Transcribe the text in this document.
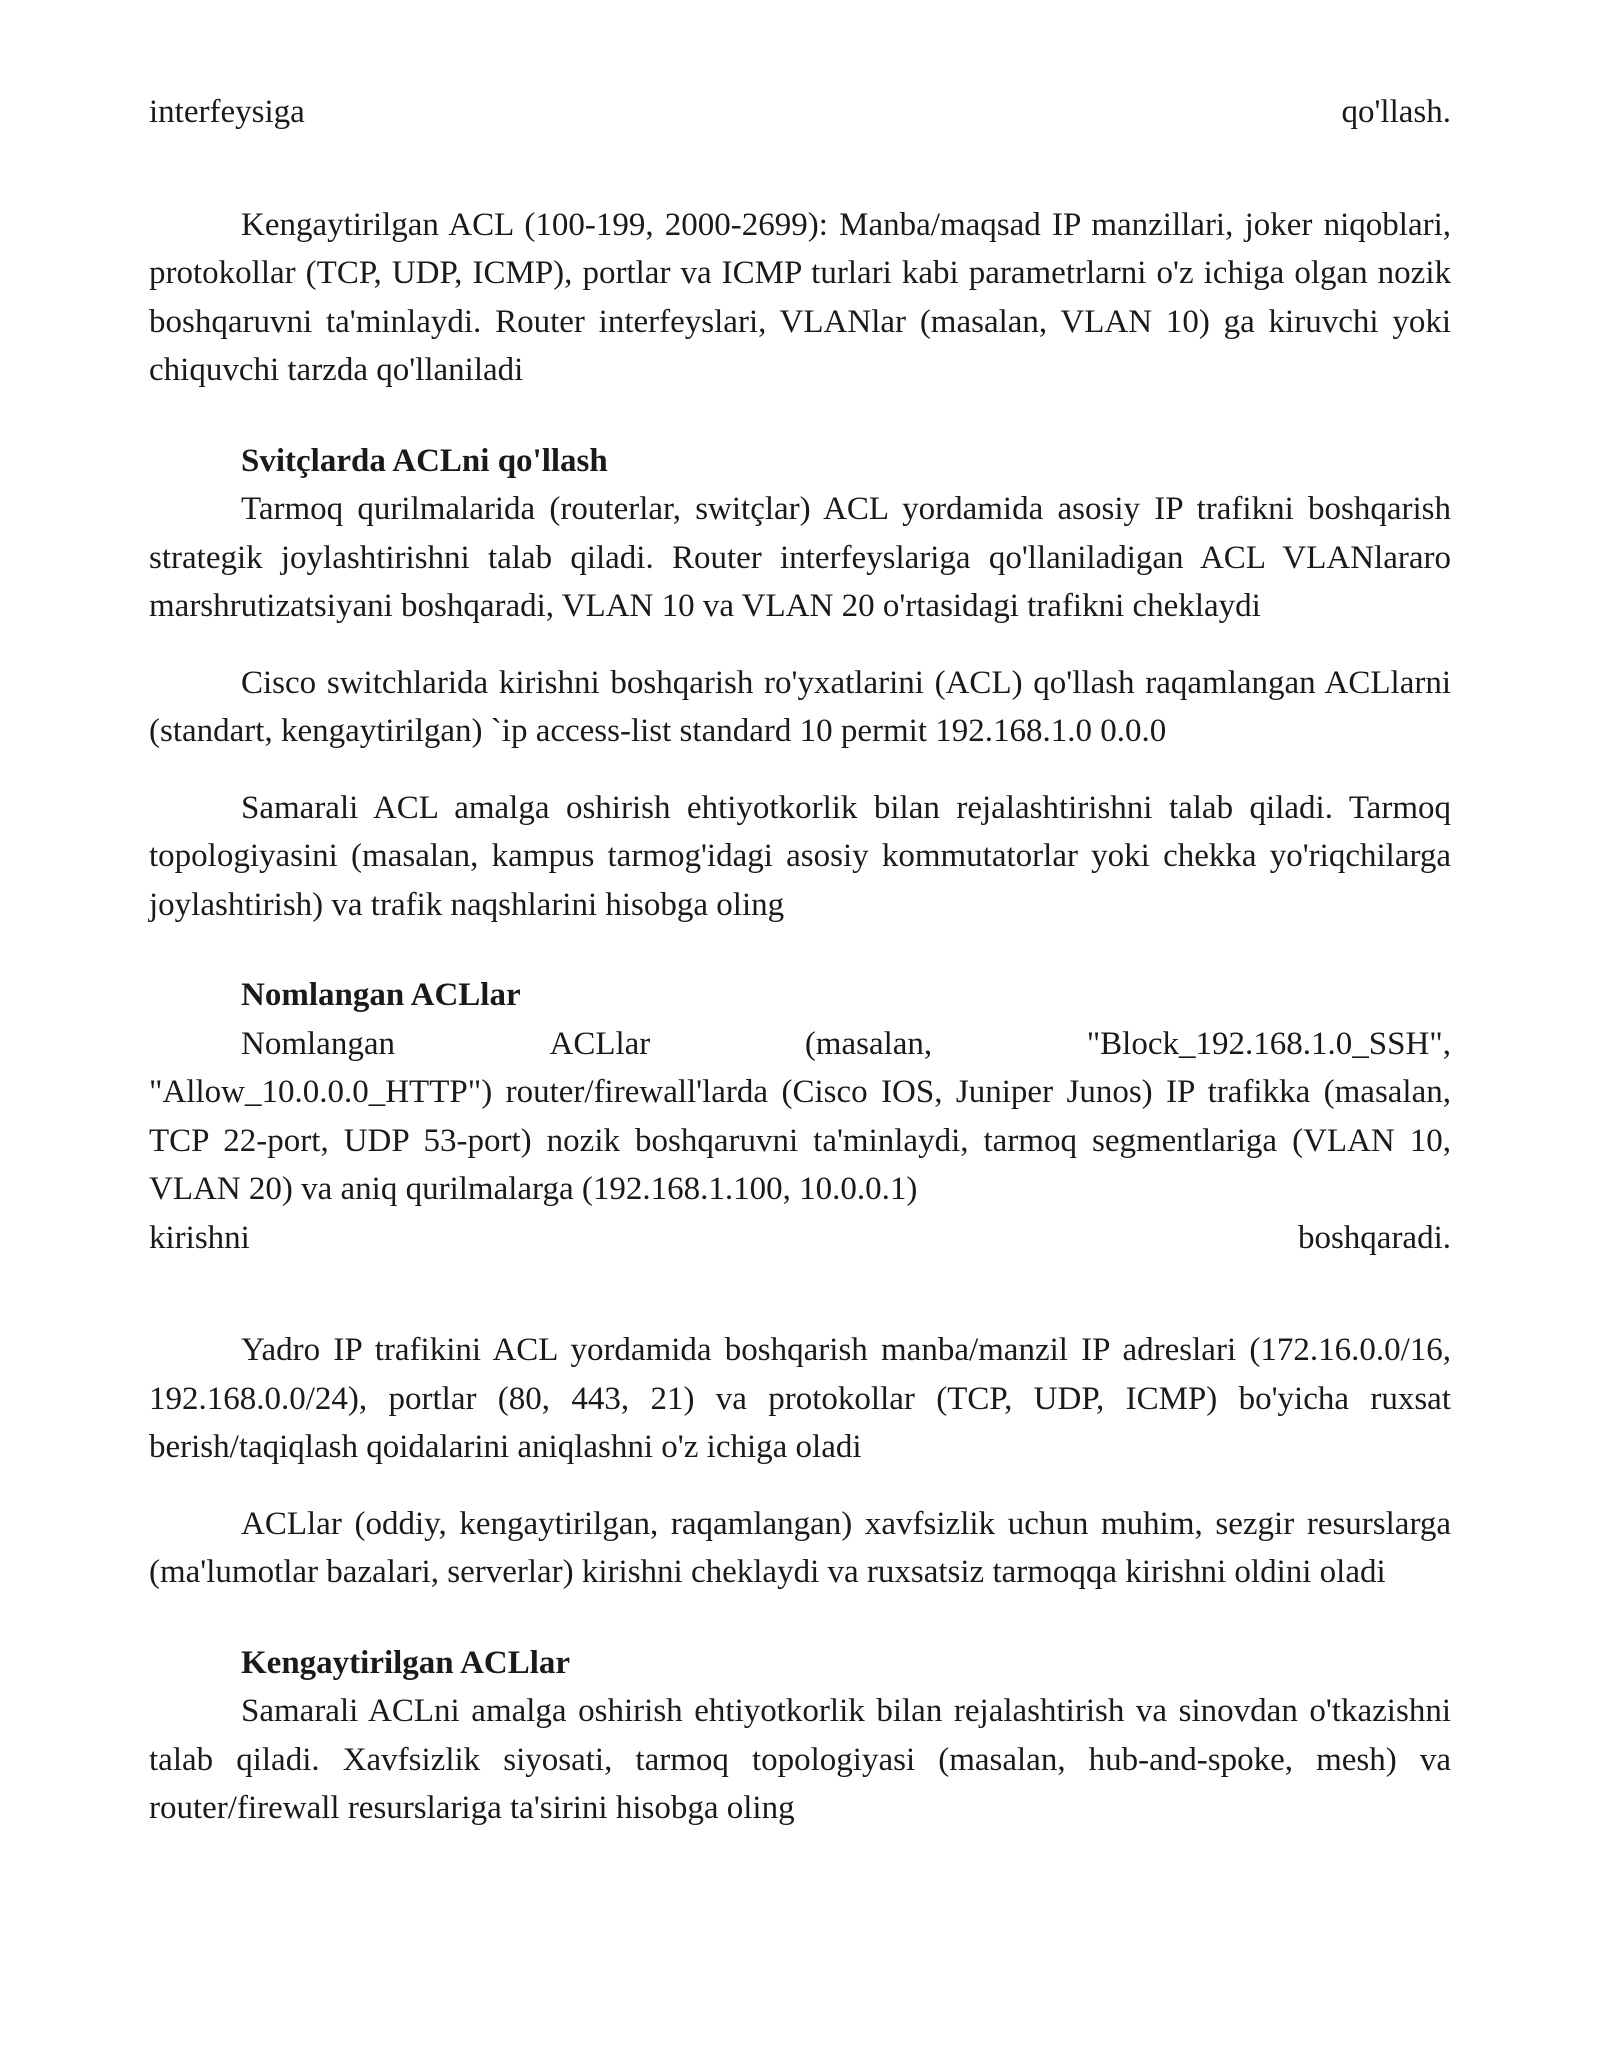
interfeysiga	qo'llash.

Kengaytirilgan ACL (100-199, 2000-2699): Manba/maqsad IP manzillari, joker niqoblari, protokollar (TCP, UDP, ICMP), portlar va ICMP turlari kabi parametrlarni o'z ichiga olgan nozik boshqaruvni ta'minlaydi. Router interfeyslari, VLANlar (masalan, VLAN 10) ga kiruvchi yoki chiquvchi tarzda qo'llaniladi

Svitçlarda ACLni qo'llash

Tarmoq qurilmalarida (routerlar, switçlar) ACL yordamida asosiy IP trafikni boshqarish strategik joylashtirishni talab qiladi. Router interfeyslariga qo'llaniladigan ACL VLANlararo marshrutizatsiyani boshqaradi, VLAN 10 va VLAN 20 o'rtasidagi trafikni cheklaydi

Cisco switchlarida kirishni boshqarish ro'yxatlarini (ACL) qo'llash raqamlangan ACLlarni (standart, kengaytirilgan) `ip access-list standard 10 permit 192.168.1.0 0.0.0

Samarali ACL amalga oshirish ehtiyotkorlik bilan rejalashtirishni talab qiladi. Tarmoq topologiyasini (masalan, kampus tarmog'idagi asosiy kommutatorlar yoki chekka yo'riqchilarga joylashtirish) va trafik naqshlarini hisobga oling

Nomlangan ACLlar

Nomlangan	ACLlar	(masalan,	"Block_192.168.1.0_SSH",

"Allow_10.0.0.0_HTTP") router/firewall'larda (Cisco IOS, Juniper Junos) IP trafikka (masalan, TCP 22-port, UDP 53-port) nozik boshqaruvni ta'minlaydi, tarmoq segmentlariga (VLAN 10, VLAN 20) va aniq qurilmalarga (192.168.1.100, 10.0.0.1)

kirishni	boshqaradi.

Yadro IP trafikini ACL yordamida boshqarish manba/manzil IP adreslari (172.16.0.0/16, 192.168.0.0/24), portlar (80, 443, 21) va protokollar (TCP, UDP, ICMP) bo'yicha ruxsat berish/taqiqlash qoidalarini aniqlashni o'z ichiga oladi

ACLlar (oddiy, kengaytirilgan, raqamlangan) xavfsizlik uchun muhim, sezgir resurslarga (ma'lumotlar bazalari, serverlar) kirishni cheklaydi va ruxsatsiz tarmoqqa kirishni oldini oladi

Kengaytirilgan ACLlar

Samarali ACLni amalga oshirish ehtiyotkorlik bilan rejalashtirish va sinovdan o'tkazishni talab qiladi. Xavfsizlik siyosati, tarmoq topologiyasi (masalan, hub-and-spoke, mesh) va router/firewall resurslariga ta'sirini hisobga oling
